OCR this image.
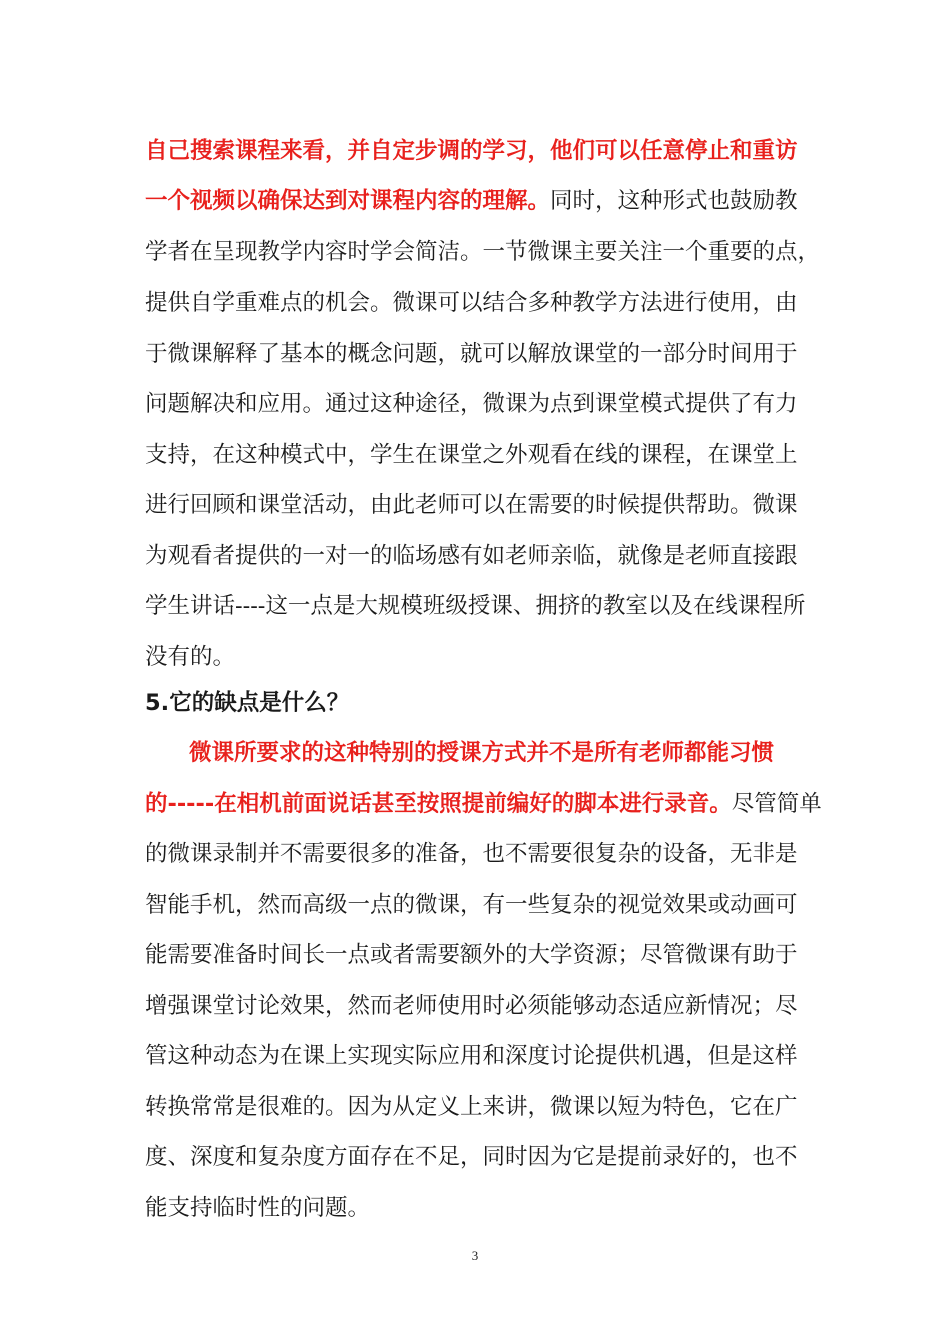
自己搜索课程来看，并自定步调的学习，他们可以任意停止和重访
一个视频以确保达到对课程内容的理解。同时，这种形式也鼓励教
学者在呈现教学内容时学会简洁。一节微课主要关注一个重要的点，
提供自学重难点的机会。微课可以结合多种教学方法进行使用，由
于微课解释了基本的概念问题，就可以解放课堂的一部分时间用于
问题解决和应用。通过这种途径，微课为点到课堂模式提供了有力
支持，在这种模式中，学生在课堂之外观看在线的课程，在课堂上
进行回顾和课堂活动，由此老师可以在需要的时候提供帮助。微课
为观看者提供的一对一的临场感有如老师亲临，就像是老师直接跟
学生讲话----这一点是大规模班级授课、拥挤的教室以及在线课程所
没有的。
5.它的缺点是什么？
微课所要求的这种特别的授课方式并不是所有老师都能习惯
的-----在相机前面说话甚至按照提前编好的脚本进行录音。尽管简单
的微课录制并不需要很多的准备，也不需要很复杂的设备，无非是
智能手机，然而高级一点的微课，有一些复杂的视觉效果或动画可
能需要准备时间长一点或者需要额外的大学资源；尽管微课有助于
增强课堂讨论效果，然而老师使用时必须能够动态适应新情况；尽
管这种动态为在课上实现实际应用和深度讨论提供机遇，但是这样
转换常常是很难的。因为从定义上来讲，微课以短为特色，它在广
度、深度和复杂度方面存在不足，同时因为它是提前录好的，也不
能支持临时性的问题。
3
